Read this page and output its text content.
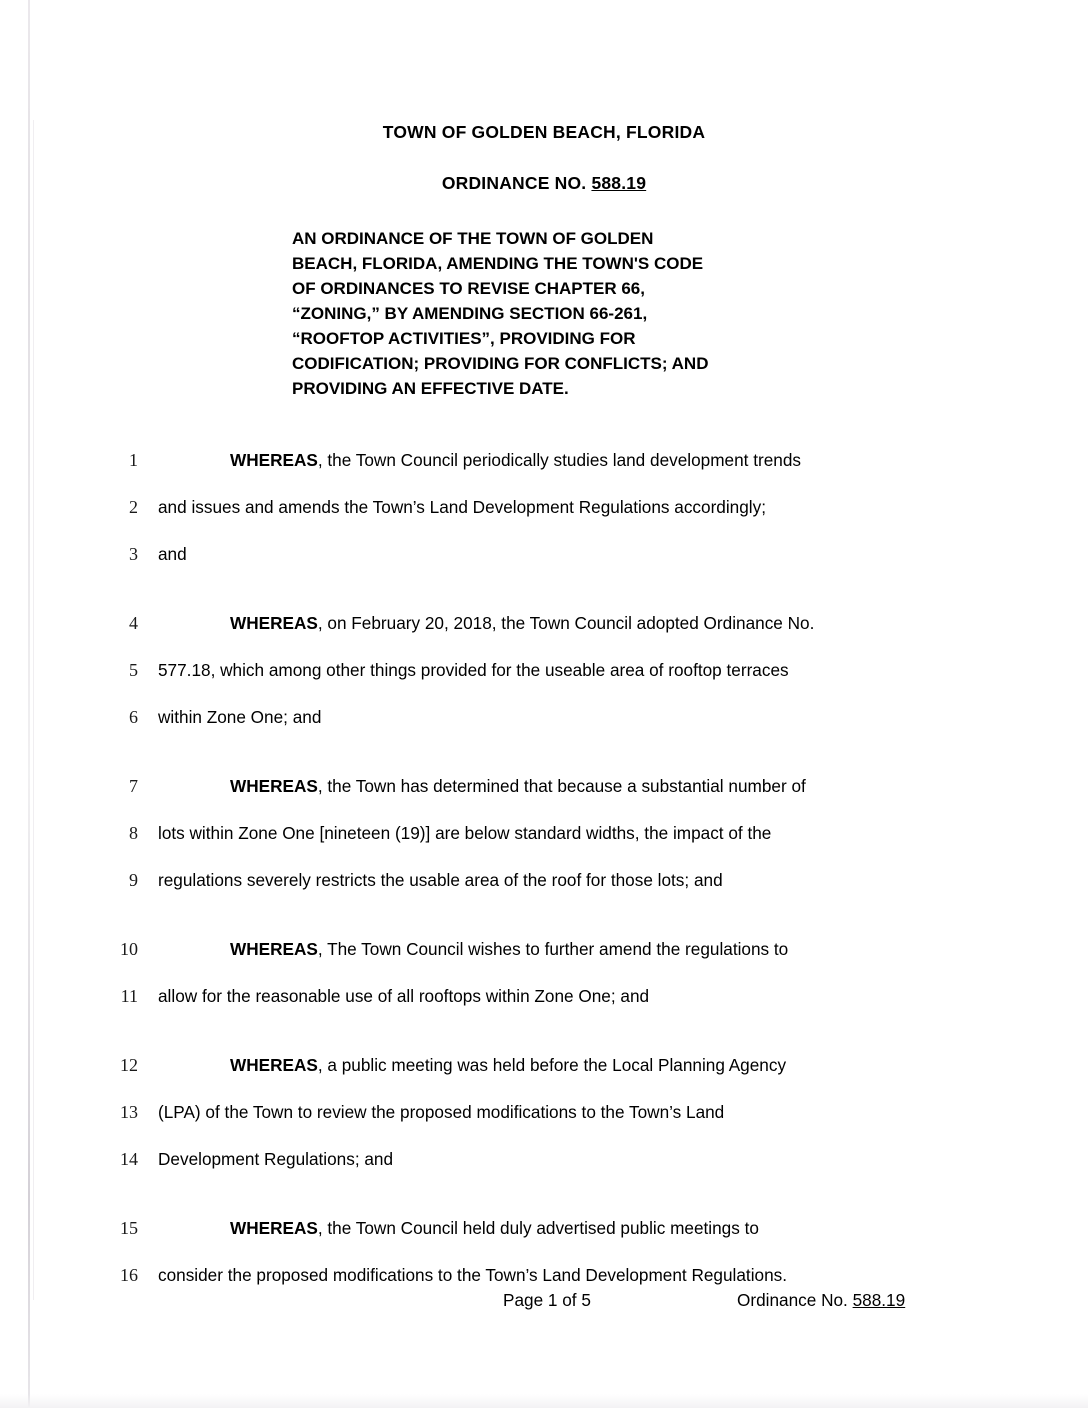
TOWN OF GOLDEN BEACH, FLORIDA
ORDINANCE NO. 588.19
AN ORDINANCE OF THE TOWN OF GOLDEN
BEACH, FLORIDA, AMENDING THE TOWN'S CODE
OF ORDINANCES TO REVISE CHAPTER 66,
“ZONING,” BY AMENDING SECTION 66-261,
“ROOFTOP ACTIVITIES”, PROVIDING FOR
CODIFICATION; PROVIDING FOR CONFLICTS; AND
PROVIDING AN EFFECTIVE DATE.
1	WHEREAS, the Town Council periodically studies land development trends
2 and issues and amends the Town’s Land Development Regulations accordingly;
3 and
4	WHEREAS, on February 20, 2018, the Town Council adopted Ordinance No.
5 577.18, which among other things provided for the useable area of rooftop terraces
6 within Zone One; and
7	WHEREAS, the Town has determined that because a substantial number of
8 lots within Zone One [nineteen (19)] are below standard widths, the impact of the
9 regulations severely restricts the usable area of the roof for those lots; and
10	WHEREAS, The Town Council wishes to further amend the regulations to
11 allow for the reasonable use of all rooftops within Zone One; and
12	WHEREAS, a public meeting was held before the Local Planning Agency
13 (LPA) of the Town to review the proposed modifications to the Town’s Land
14 Development Regulations; and
15	WHEREAS, the Town Council held duly advertised public meetings to
16 consider the proposed modifications to the Town’s Land Development Regulations.
Page 1 of 5	Ordinance No. 588.19
